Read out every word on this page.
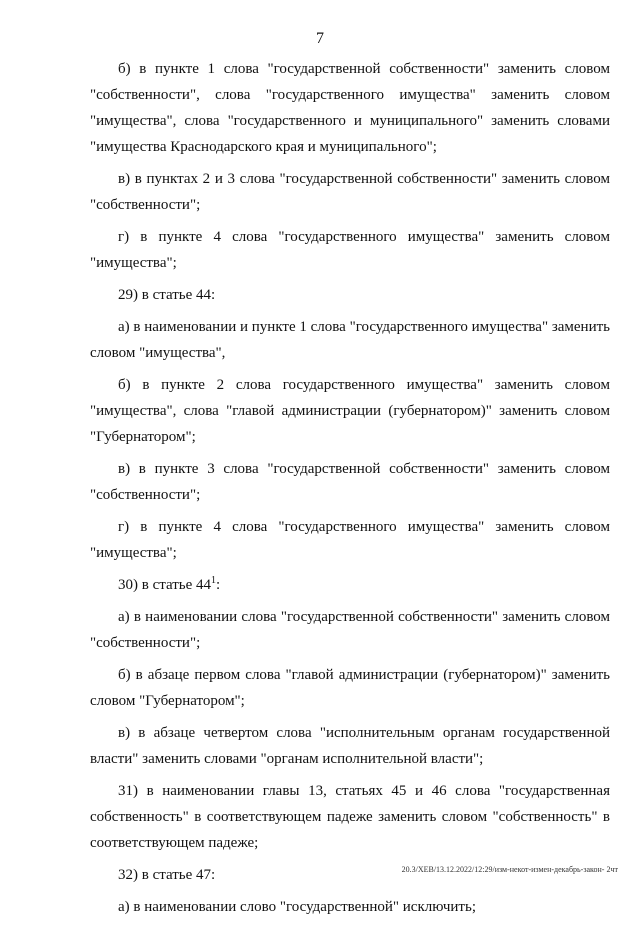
7

б) в пункте 1 слова "государственной собственности" заменить словом "собственности", слова "государственного имущества" заменить словом "имущества", слова "государственного и муниципального" заменить словами "имущества Краснодарского края и муниципального";

в) в пунктах 2 и 3 слова "государственной собственности" заменить словом "собственности";

г) в пункте 4 слова "государственного имущества" заменить словом "имущества";

29) в статье 44:

а) в наименовании и пункте 1 слова "государственного имущества" заменить словом "имущества",

б) в пункте 2 слова государственного имущества" заменить словом "имущества", слова "главой администрации (губернатором)" заменить словом "Губернатором";

в) в пункте 3 слова "государственной собственности" заменить словом "собственности";

г) в пункте 4 слова "государственного имущества" заменить словом "имущества";

30) в статье $44^1$:

а) в наименовании слова "государственной собственности" заменить словом "собственности";

б) в абзаце первом слова "главой администрации (губернатором)" заменить словом "Губернатором";

в) в абзаце четвертом слова "исполнительным органам государственной власти" заменить словами "органам исполнительной власти";

31) в наименовании главы 13, статьях 45 и 46 слова "государственная собственность" в соответствующем падеже заменить словом "собственность" в соответствующем падеже;

32) в статье 47:

а) в наименовании слово "государственной" исключить;

20.3/ХЕВ/13.12.2022/12:29/изм-некот-измен-декабрь-закон- 2чт
